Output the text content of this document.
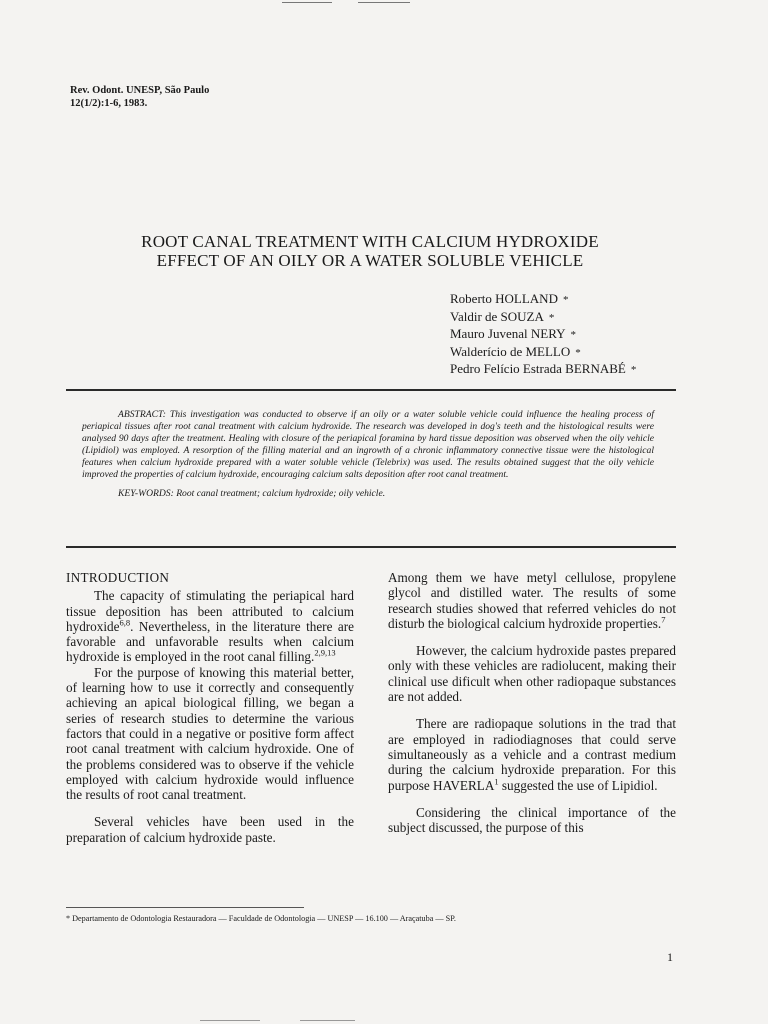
Rev. Odont. UNESP, São Paulo
12(1/2):1-6, 1983.
ROOT CANAL TREATMENT WITH CALCIUM HYDROXIDE
EFFECT OF AN OILY OR A WATER SOLUBLE VEHICLE
Roberto HOLLAND *
Valdir de SOUZA *
Mauro Juvenal NERY *
Walderício de MELLO *
Pedro Felício Estrada BERNABÉ *

ABSTRACT: This investigation was conducted to observe if an oily or a water soluble vehicle could influence the healing process of periapical tissues after root canal treatment with calcium hydroxide. The research was developed in dog's teeth and the histological results were analysed 90 days after the treatment. Healing with closure of the periapical foramina by hard tissue deposition was observed when the oily vehicle (Lipidiol) was employed. A resorption of the filling material and an ingrowth of a chronic inflammatory connective tissue were the histological features when calcium hydroxide prepared with a water soluble vehicle (Telebrix) was used. The results obtained suggest that the oily vehicle improved the properties of calcium hydroxide, encouraging calcium salts deposition after root canal treatment.

KEY-WORDS: Root canal treatment; calcium hydroxide; oily vehicle.

INTRODUCTION

The capacity of stimulating the periapical hard tissue deposition has been attributed to calcium hydroxide$^{6,8}$. Nevertheless, in the literature there are favorable and unfavorable results when calcium hydroxide is employed in the root canal filling.$^{2,9,13}$

For the purpose of knowing this material better, of learning how to use it correctly and consequently achieving an apical biological filling, we began a series of research studies to determine the various factors that could in a negative or positive form affect root canal treatment with calcium hydroxide. One of the problems considered was to observe if the vehicle employed with calcium hydroxide would influence the results of root canal treatment.

Several vehicles have been used in the preparation of calcium hydroxide paste.

Among them we have metyl cellulose, propylene glycol and distilled water. The results of some research studies showed that referred vehicles do not disturb the biological calcium hydroxide properties.$^7$

However, the calcium hydroxide pastes prepared only with these vehicles are radiolucent, making their clinical use dificult when other radiopaque substances are not added.

There are radiopaque solutions in the trad that are employed in radiodiagnoses that could serve simultaneously as a vehicle and a contrast medium during the calcium hydroxide preparation. For this purpose HAVERLA$^1$ suggested the use of Lipidiol.

Considering the clinical importance of the subject discussed, the purpose of this

* Departamento de Odontologia Restauradora — Faculdade de Odontologia — UNESP — 16.100 — Araçatuba — SP.
1
